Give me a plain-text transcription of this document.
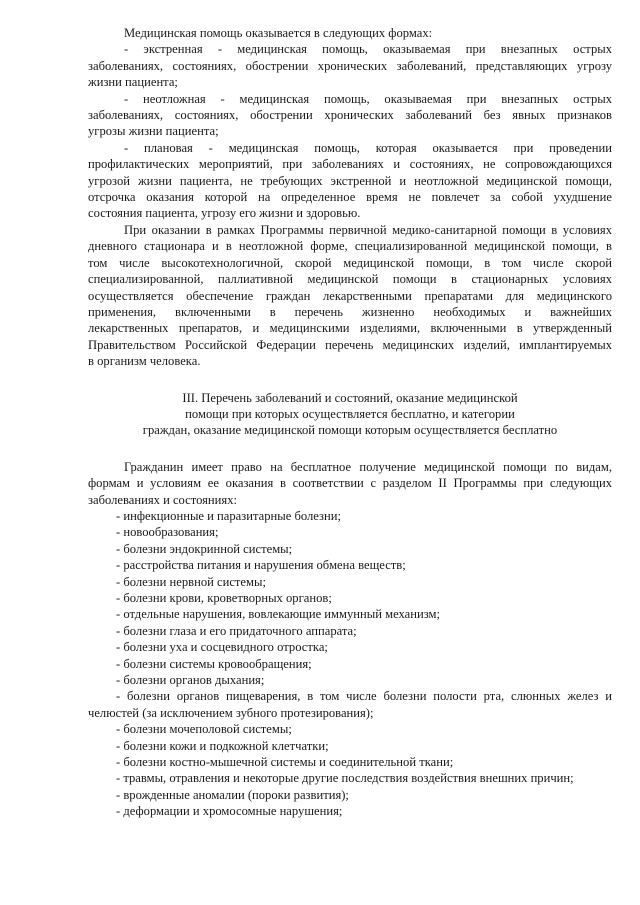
Медицинская помощь оказывается в следующих формах:

- экстренная - медицинская помощь, оказываемая при внезапных острых

заболеваниях, состояниях, обострении хронических заболеваний, представляющих угрозу

жизни пациента;

- неотложная - медицинская помощь, оказываемая при внезапных острых

заболеваниях, состояниях, обострении хронических заболеваний без явных признаков

угрозы жизни пациента;

- плановая - медицинская помощь, которая оказывается при проведении

профилактических мероприятий, при заболеваниях и состояниях, не сопровождающихся

угрозой жизни пациента, не требующих экстренной и неотложной медицинской помощи,

отсрочка оказания которой на определенное время не повлечет за собой ухудшение

состояния пациента, угрозу его жизни и здоровью.

При оказании в рамках Программы первичной медико-санитарной помощи в условиях

дневного стационара и в неотложной форме, специализированной медицинской помощи, в

том числе высокотехнологичной, скорой медицинской помощи, в том числе скорой

специализированной, паллиативной медицинской помощи в стационарных условиях

осуществляется обеспечение граждан лекарственными препаратами для медицинского

применения, включенными в перечень жизненно необходимых и важнейших

лекарственных препаратов, и медицинскими изделиями, включенными в утвержденный

Правительством Российской Федерации перечень медицинских изделий, имплантируемых

в организм человека.

III. Перечень заболеваний и состояний, оказание медицинской

помощи при которых осуществляется бесплатно, и категории

граждан, оказание медицинской помощи которым осуществляется бесплатно

Гражданин имеет право на бесплатное получение медицинской помощи по видам,

формам и условиям ее оказания в соответствии с разделом II Программы при следующих

заболеваниях и состояниях:

- инфекционные и паразитарные болезни;
- новообразования;
- болезни эндокринной системы;
- расстройства питания и нарушения обмена веществ;
- болезни нервной системы;
- болезни крови, кроветворных органов;
- отдельные нарушения, вовлекающие иммунный механизм;
- болезни глаза и его придаточного аппарата;
- болезни уха и сосцевидного отростка;
- болезни системы кровообращения;
- болезни органов дыхания;

- болезни органов пищеварения, в том числе болезни полости рта, слюнных желез и

челюстей (за исключением зубного протезирования);

- болезни мочеполовой системы;
- болезни кожи и подкожной клетчатки;
- болезни костно-мышечной системы и соединительной ткани;
- травмы, отравления и некоторые другие последствия воздействия внешних причин;
- врожденные аномалии (пороки развития);
- деформации и хромосомные нарушения;
